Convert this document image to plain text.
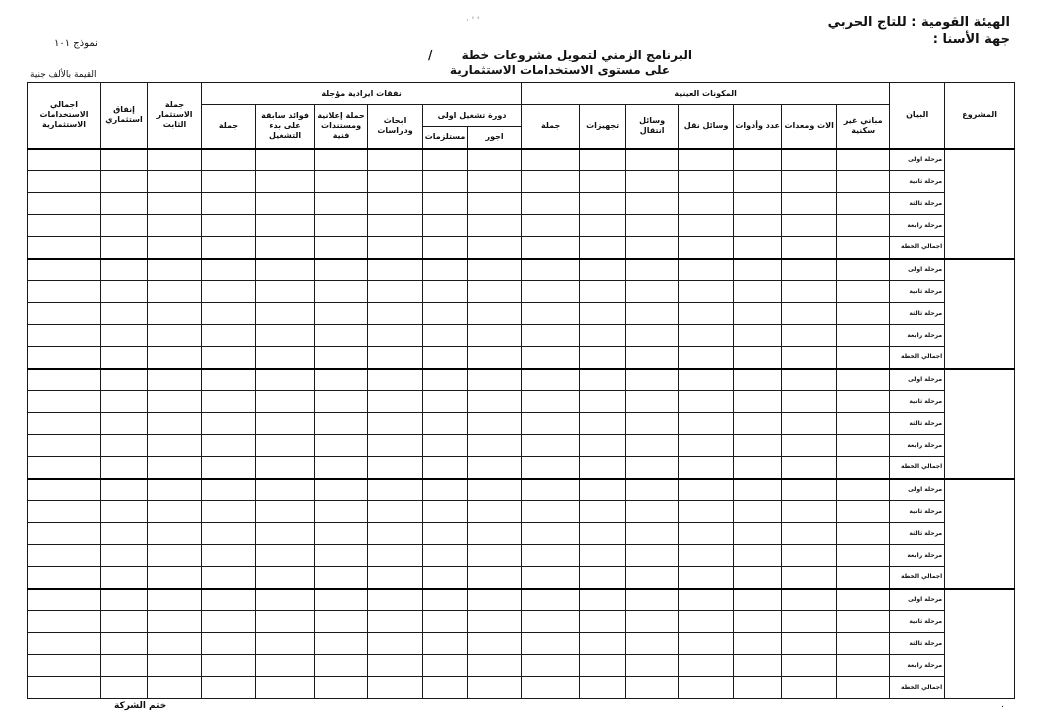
الهيئة القومية : للتاج الحربي
جهة الأسنا :
· ' '
نموذج ١٠١
البرنامج الزمني لتمويل مشروعات خطة       /
على مستوى الاستخدامات الاستثمارية
القيمة بالألف جنية
المشروع	البيان	المكونات العينية							نفقات ايرادية مؤجلة						جملة الاستثمار الثابت	إنفاق استثماري	اجمالي الاستخدامات الاستثمارية
		مباني غير سكنية	الات ومعدات	عدد وأدوات	وسائل نقل	وسائل انتقال	تجهيزات	جملة	دورة تشغيل اولى		ابحاث ودراسات	حملة إعلانية ومستندات فنية	فوائد سابقة على بدء التشغيل	جملة			
									اجور	مستلزمات							
	مرحلة اولى																
	مرحلة ثانية																
	مرحلة ثالثة																
	مرحلة رابعة																
	اجمالي الخطة																
	مرحلة اولى																
	مرحلة ثانية																
	مرحلة ثالثة																
	مرحلة رابعة																
	اجمالي الخطة																
	مرحلة اولى																
	مرحلة ثانية																
	مرحلة ثالثة																
	مرحلة رابعة																
	اجمالي الخطة																
	مرحلة اولى																
	مرحلة ثانية																
	مرحلة ثالثة																
	مرحلة رابعة																
	اجمالي الخطة																
	مرحلة اولى																
	مرحلة ثانية																
	مرحلة ثالثة																
	مرحلة رابعة																
	اجمالي الخطة																
ختم الشركة	.
